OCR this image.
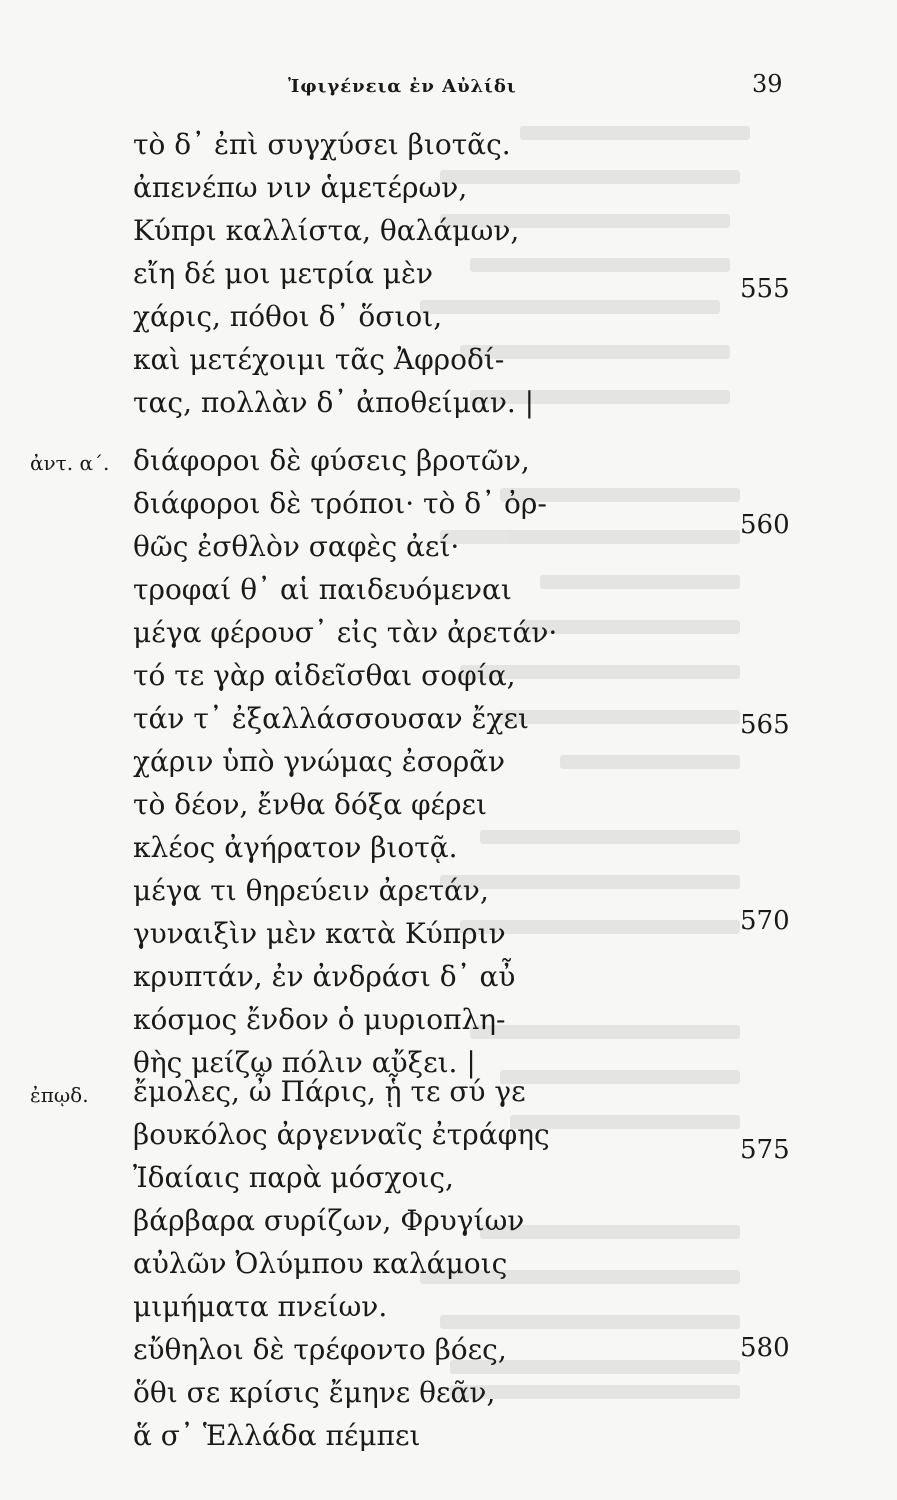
Ἰφιγένεια ἐν Αὐλίδι	39
τὸ δ᾽ ἐπὶ συγχύσει βιοτᾶς.
ἀπενέπω νιν ἁμετέρων,
Κύπρι καλλίστα, θαλάμων,
εἴη δέ μοι μετρία μὲν
χάρις, πόθοι δ᾽ ὅσιοι,
καὶ μετέχοιμι τᾶς Ἀφροδί-
τας, πολλὰν δ᾽ ἀποθείμαν. |
555
ἀντ. α΄. διάφοροι δὲ φύσεις βροτῶν,
διάφοροι δὲ τρόποι· τὸ δ᾽ ὀρ-
θῶς ἐσθλὸν σαφὲς ἀεί·
τροφαί θ᾽ αἱ παιδευόμεναι
μέγα φέρουσ᾽ εἰς τὰν ἀρετάν·
τό τε γὰρ αἰδεῖσθαι σοφία,
τάν τ᾽ ἐξαλλάσσουσαν ἔχει
χάριν ὑπὸ γνώμας ἐσορᾶν
τὸ δέον, ἔνθα δόξα φέρει
κλέος ἀγήρατον βιοτᾷ.
μέγα τι θηρεύειν ἀρετάν,
γυναιξὶν μὲν κατὰ Κύπριν
κρυπτάν, ἐν ἀνδράσι δ᾽ αὖ
κόσμος ἔνδον ὁ μυριοπλη-
θὴς μείζω πόλιν αὔξει. |
560
565
570
ἐπῳδ. ἔμολες, ὦ Πάρις, ᾗ τε σύ γε
βουκόλος ἀργενναῖς ἐτράφης
Ἰδαίαις παρὰ μόσχοις,
βάρβαρα συρίζων, Φρυγίων
αὐλῶν Ὀλύμπου καλάμοις
μιμήματα πνείων.
εὔθηλοι δὲ τρέφοντο βόες,
ὅθι σε κρίσις ἔμηνε θεᾶν,
ἅ σ᾽ Ἑλλάδα πέμπει
575
580
